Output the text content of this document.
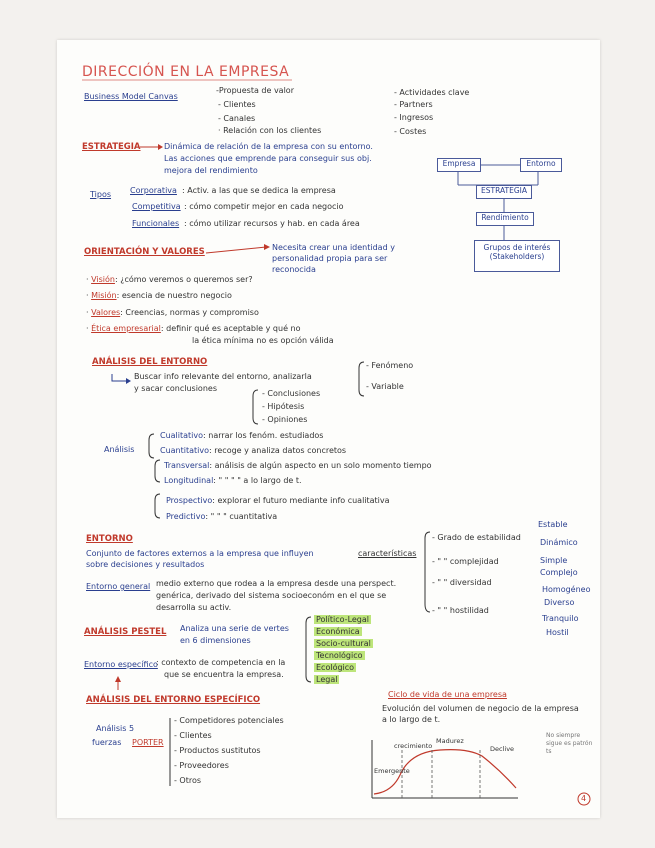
DIRECCIÓN EN LA EMPRESA
Business Model Canvas
-Propuesta de valor
- Clientes
- Canales
· Relación con los clientes
- Actividades clave
- Partners
- Ingresos
- Costes
ESTRATEGIA	Dinámica de relación de la empresa con su entorno.
Las acciones que emprende para conseguir sus obj.
mejora del rendimiento
Empresa	Entorno
ESTRATEGIA
Rendimiento
Grupos de interés
(Stakeholders)
Tipos Corporativa : Activ. a las que se dedica la empresa
Competitiva : cómo competir mejor en cada negocio
Funcionales : cómo utilizar recursos y hab. en cada área
ORIENTACIÓN Y VALORES	Necesita crear una identidad y
personalidad propia para ser
reconocida
· Visión: ¿cómo veremos o queremos ser?
· Misión: esencia de nuestro negocio
· Valores: Creencias, normas y compromiso
· Ética empresarial: definir qué es aceptable y qué no
la ética mínima no es opción válida
ANÁLISIS DEL ENTORNO
Buscar info relevante del entorno, analizarla
y sacar conclusiones
- Conclusiones
- Hipótesis
- Opiniones
- Fenómeno
- Variable
Análisis
Cualitativo: narrar los fenóm. estudiados
Cuantitativo: recoge y analiza datos concretos
Transversal: análisis de algún aspecto en un solo momento tiempo
Longitudinal: " " " " a lo largo de t.
Prospectivo: explorar el futuro mediante info cualitativa
Predictivo: " " " cuantitativa
ENTORNO
Conjunto de factores externos a la empresa que influyen
sobre decisiones y resultados
características
Entorno general medio externo que rodea a la empresa desde una perspect.
genérica, derivado del sistema socioeconóm en el que se
desarrolla su activ.
- Grado de estabilidad
Estable
Dinámico
- " " complejidad	Simple
Complejo
- " " diversidad
Homogéneo
Diverso
- " " hostilidad
Tranquilo
Hostil
ANÁLISIS PESTEL Analiza una serie de vertes
en 6 dimensiones
Político-Legal
Económica
Socio-cultural
Tecnológico
Ecológico
Legal
Entorno específico
: contexto de competencia en la
que se encuentra la empresa.
ANÁLISIS DEL ENTORNO ESPECÍFICO
Análisis 5
fuerzas PORTER
- Competidores potenciales
- Clientes
- Productos sustitutos
- Proveedores
- Otros
Ciclo de vida de una empresa
Evolución del volumen de negocio de la empresa
a lo largo de t.
Emergente
crecimiento
Madurez
Declive
No siempre
sigue es patrón
ts
4
